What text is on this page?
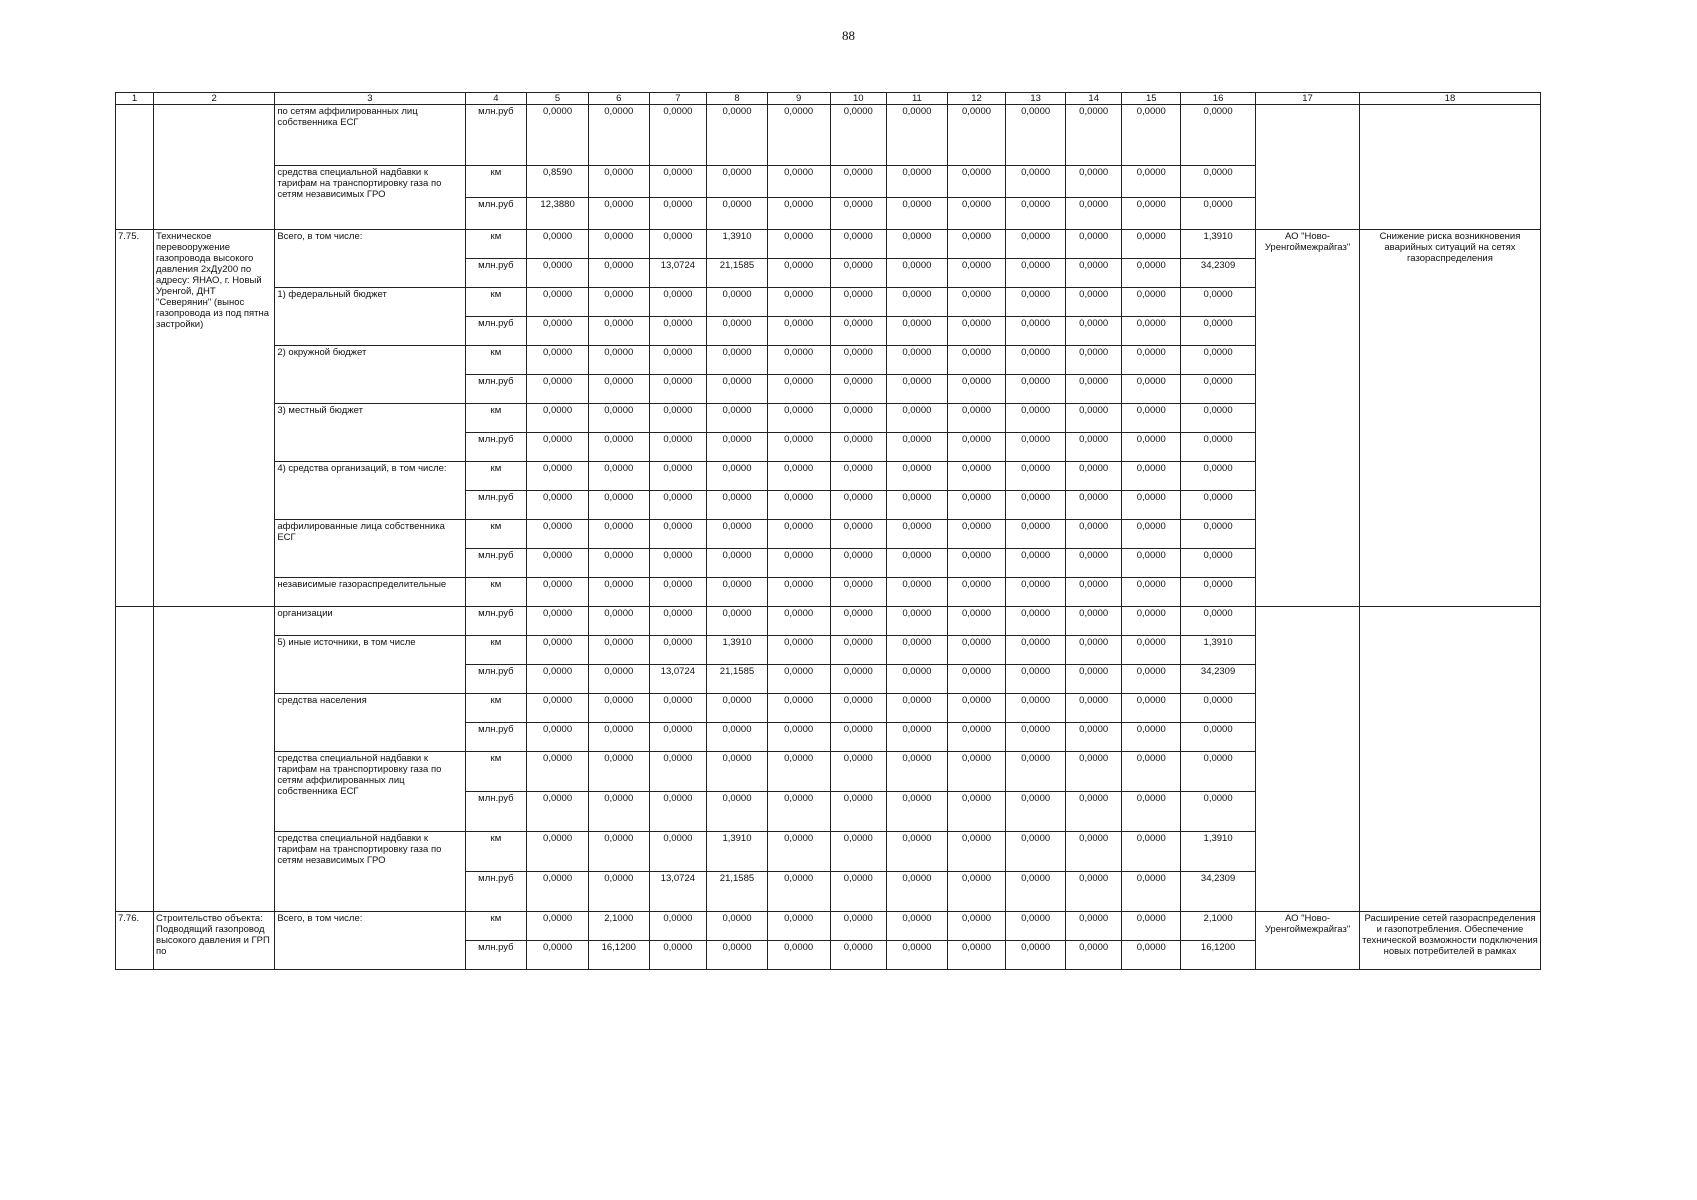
88
1	2	3	4	5	6	7	8	9	10	11	12	13	14	15	16	17	18
		по сетям аффилированных лиц собственника ЕСГ	млн.руб	0,0000	0,0000	0,0000	0,0000	0,0000	0,0000	0,0000	0,0000	0,0000	0,0000	0,0000	0,0000		
		средства специальной надбавки к тарифам на транспортировку газа по сетям независимых ГРО	км	0,8590	0,0000	0,0000	0,0000	0,0000	0,0000	0,0000	0,0000	0,0000	0,0000	0,0000	0,0000		
			млн.руб	12,3880	0,0000	0,0000	0,0000	0,0000	0,0000	0,0000	0,0000	0,0000	0,0000	0,0000	0,0000		
7.75.	Техническое перевооружение газопровода высокого давления 2хДу200 по адресу: ЯНАО, г. Новый Уренгой, ДНТ "Северянин" (вынос газопровода из под пятна застройки)	Всего, в том числе:	км	0,0000	0,0000	0,0000	1,3910	0,0000	0,0000	0,0000	0,0000	0,0000	0,0000	0,0000	1,3910	АО "Ново-Уренгоймежрайгаз"	Снижение риска возникновения аварийных ситуаций на сетях газораспределения
			млн.руб	0,0000	0,0000	13,0724	21,1585	0,0000	0,0000	0,0000	0,0000	0,0000	0,0000	0,0000	34,2309		
		1) федеральный бюджет	км	0,0000	0,0000	0,0000	0,0000	0,0000	0,0000	0,0000	0,0000	0,0000	0,0000	0,0000	0,0000		
			млн.руб	0,0000	0,0000	0,0000	0,0000	0,0000	0,0000	0,0000	0,0000	0,0000	0,0000	0,0000	0,0000		
		2) окружной бюджет	км	0,0000	0,0000	0,0000	0,0000	0,0000	0,0000	0,0000	0,0000	0,0000	0,0000	0,0000	0,0000		
			млн.руб	0,0000	0,0000	0,0000	0,0000	0,0000	0,0000	0,0000	0,0000	0,0000	0,0000	0,0000	0,0000		
		3) местный бюджет	км	0,0000	0,0000	0,0000	0,0000	0,0000	0,0000	0,0000	0,0000	0,0000	0,0000	0,0000	0,0000		
			млн.руб	0,0000	0,0000	0,0000	0,0000	0,0000	0,0000	0,0000	0,0000	0,0000	0,0000	0,0000	0,0000		
		4) средства организаций, в том числе:	км	0,0000	0,0000	0,0000	0,0000	0,0000	0,0000	0,0000	0,0000	0,0000	0,0000	0,0000	0,0000		
			млн.руб	0,0000	0,0000	0,0000	0,0000	0,0000	0,0000	0,0000	0,0000	0,0000	0,0000	0,0000	0,0000		
		аффилированные лица собственника ЕСГ	км	0,0000	0,0000	0,0000	0,0000	0,0000	0,0000	0,0000	0,0000	0,0000	0,0000	0,0000	0,0000		
			млн.руб	0,0000	0,0000	0,0000	0,0000	0,0000	0,0000	0,0000	0,0000	0,0000	0,0000	0,0000	0,0000		
		независимые газораспределительные	км	0,0000	0,0000	0,0000	0,0000	0,0000	0,0000	0,0000	0,0000	0,0000	0,0000	0,0000	0,0000		
		организации	млн.руб	0,0000	0,0000	0,0000	0,0000	0,0000	0,0000	0,0000	0,0000	0,0000	0,0000	0,0000	0,0000		
		5) иные источники, в том числе	км	0,0000	0,0000	0,0000	1,3910	0,0000	0,0000	0,0000	0,0000	0,0000	0,0000	0,0000	1,3910		
			млн.руб	0,0000	0,0000	13,0724	21,1585	0,0000	0,0000	0,0000	0,0000	0,0000	0,0000	0,0000	34,2309		
		средства населения	км	0,0000	0,0000	0,0000	0,0000	0,0000	0,0000	0,0000	0,0000	0,0000	0,0000	0,0000	0,0000		
			млн.руб	0,0000	0,0000	0,0000	0,0000	0,0000	0,0000	0,0000	0,0000	0,0000	0,0000	0,0000	0,0000		
		средства специальной надбавки к тарифам на транспортировку газа по сетям аффилированных лиц собственника ЕСГ	км	0,0000	0,0000	0,0000	0,0000	0,0000	0,0000	0,0000	0,0000	0,0000	0,0000	0,0000	0,0000		
			млн.руб	0,0000	0,0000	0,0000	0,0000	0,0000	0,0000	0,0000	0,0000	0,0000	0,0000	0,0000	0,0000		
		средства специальной надбавки к тарифам на транспортировку газа по сетям независимых ГРО	км	0,0000	0,0000	0,0000	1,3910	0,0000	0,0000	0,0000	0,0000	0,0000	0,0000	0,0000	1,3910		
			млн.руб	0,0000	0,0000	13,0724	21,1585	0,0000	0,0000	0,0000	0,0000	0,0000	0,0000	0,0000	34,2309		
7.76.	Строительство объекта: Подводящий газопровод высокого давления и ГРП по	Всего, в том числе:	км	0,0000	2,1000	0,0000	0,0000	0,0000	0,0000	0,0000	0,0000	0,0000	0,0000	0,0000	2,1000	АО "Ново-Уренгоймежрайгаз"	Расширение сетей газораспределения и газопотребления. Обеспечение технической возможности подключения новых потребителей в рамках
			млн.руб	0,0000	16,1200	0,0000	0,0000	0,0000	0,0000	0,0000	0,0000	0,0000	0,0000	0,0000	16,1200		
